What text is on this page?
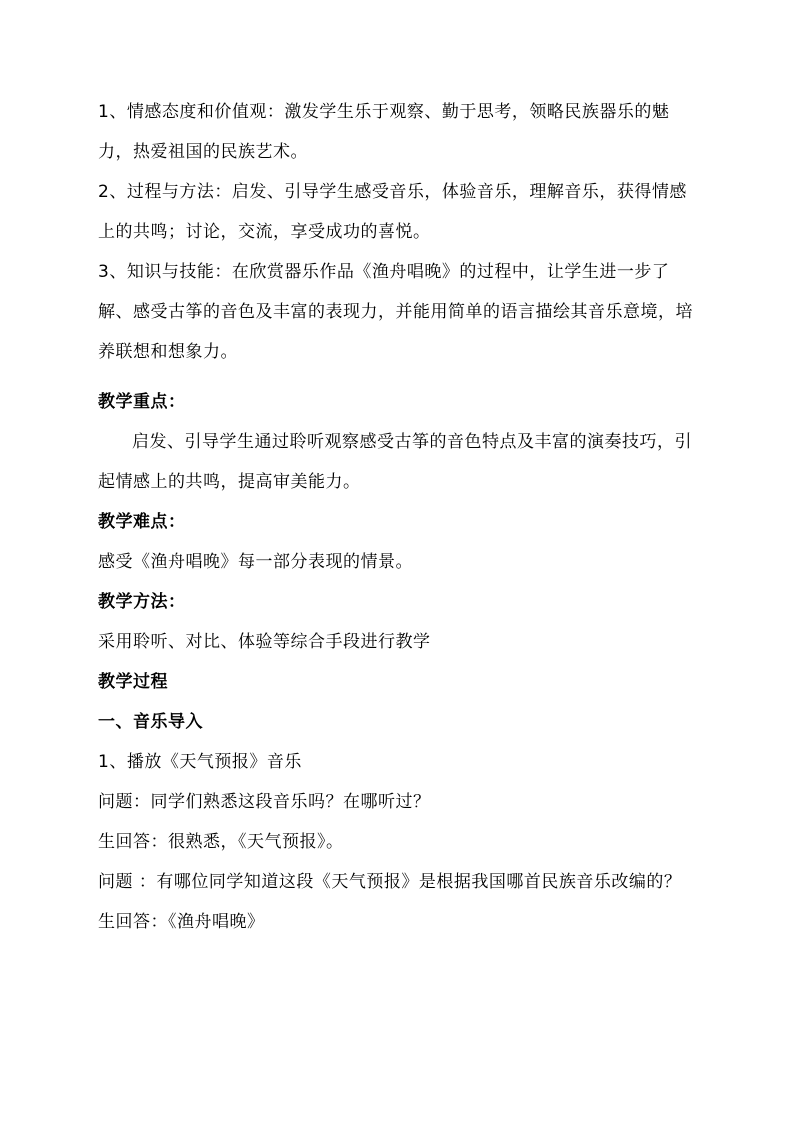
1、情感态度和价值观：激发学生乐于观察、勤于思考，领略民族器乐的魅力，热爱祖国的民族艺术。

2、过程与方法：启发、引导学生感受音乐，体验音乐，理解音乐，获得情感上的共鸣；讨论，交流，享受成功的喜悦。

3、知识与技能：在欣赏器乐作品《渔舟唱晚》的过程中，让学生进一步了解、感受古筝的音色及丰富的表现力，并能用简单的语言描绘其音乐意境，培养联想和想象力。

教学重点：

启发、引导学生通过聆听观察感受古筝的音色特点及丰富的演奏技巧，引起情感上的共鸣，提高审美能力。

教学难点：

感受《渔舟唱晚》每一部分表现的情景。

教学方法：

采用聆听、对比、体验等综合手段进行教学

教学过程

一、音乐导入

1、播放《天气预报》音乐

问题：同学们熟悉这段音乐吗？在哪听过？

生回答：很熟悉，《天气预报》。

问题 ：有哪位同学知道这段《天气预报》是根据我国哪首民族音乐改编的？

生回答：《渔舟唱晚》
